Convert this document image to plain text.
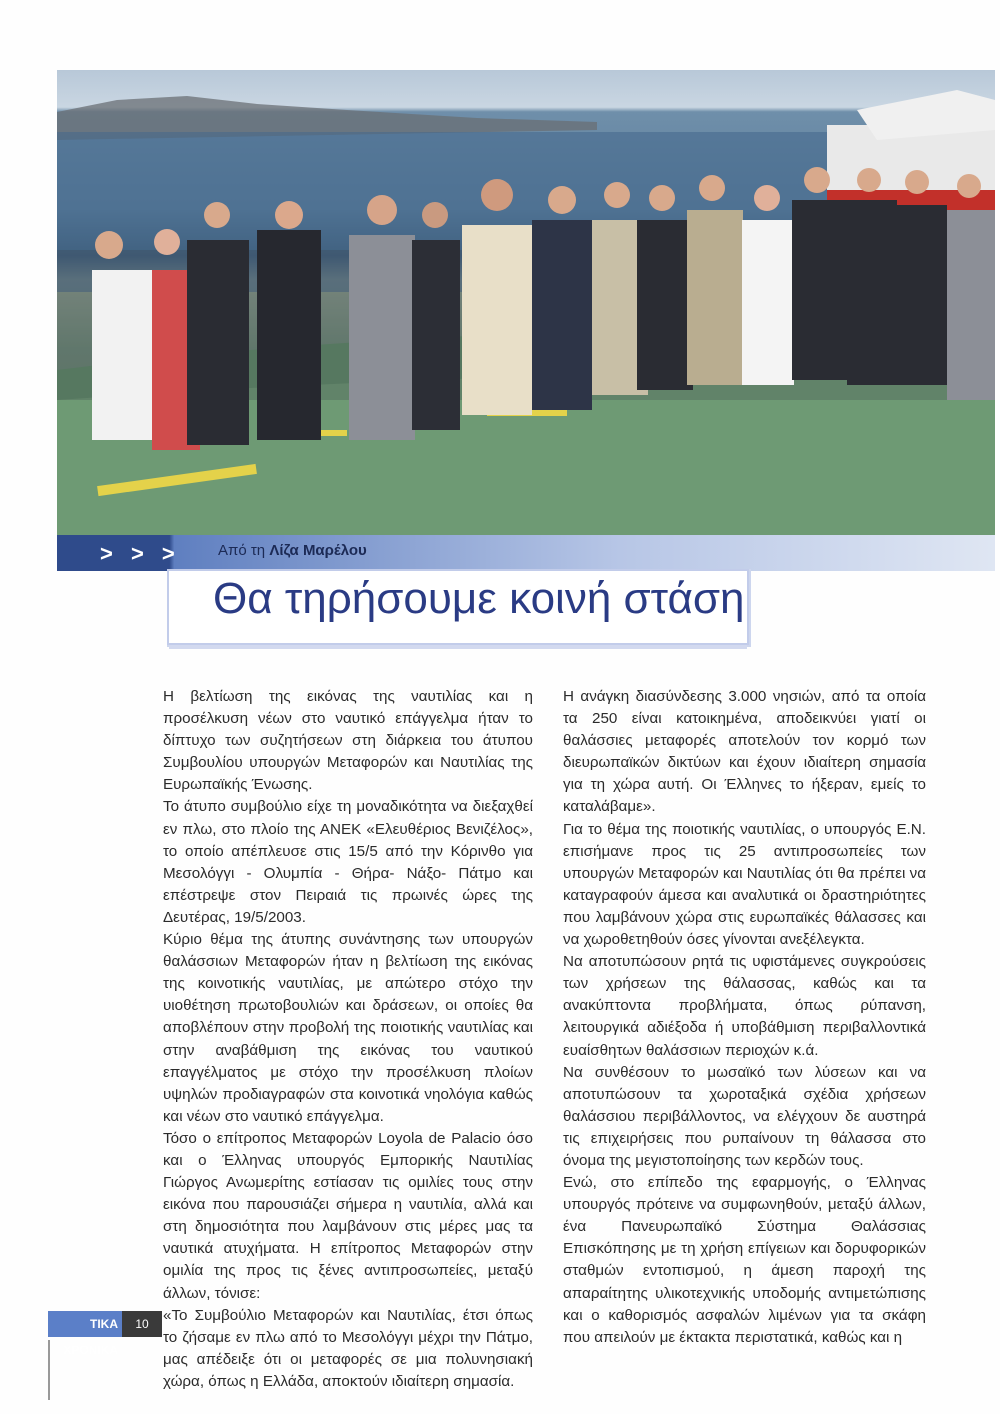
> > > Από τη Λίζα Μαρέλου
Θα τηρήσουμε κοινή στάση

Η βελτίωση της εικόνας της ναυτιλίας και η προσέλκυση νέων στο ναυτικό επάγγελμα ήταν το δίπτυχο των συζητήσεων στη διάρκεια του άτυπου Συμβουλίου υπουργών Μεταφορών και Ναυτιλίας της Ευρωπαϊκής Ένωσης.

Το άτυπο συμβούλιο είχε τη μοναδικότητα να διεξαχθεί εν πλω, στο πλοίο της ΑΝΕΚ «Ελευθέριος Βενιζέλος», το οποίο απέπλευσε στις 15/5 από την Κόρινθο για Μεσολόγγι - Ολυμπία - Θήρα- Νάξο- Πάτμο και επέστρεψε στον Πειραιά τις πρωινές ώρες της Δευτέρας, 19/5/2003.

Κύριο θέμα της άτυπης συνάντησης των υπουργών θαλάσσιων Μεταφορών ήταν η βελτίωση της εικόνας της κοινοτικής ναυτιλίας, με απώτερο στόχο την υιοθέτηση πρωτοβουλιών και δράσεων, οι οποίες θα αποβλέπουν στην προβολή της ποιοτικής ναυτιλίας και στην αναβάθμιση της εικόνας του ναυτικού επαγγέλματος με στόχο την προσέλκυση πλοίων υψηλών προδιαγραφών στα κοινοτικά νηολόγια καθώς και νέων στο ναυτικό επάγγελμα.

Τόσο ο επίτροπος Μεταφορών Loyola de Palacio όσο και ο Έλληνας υπουργός Εμπορικής Ναυτιλίας Γιώργος Ανωμερίτης εστίασαν τις ομιλίες τους στην εικόνα που παρουσιάζει σήμερα η ναυτιλία, αλλά και στη δημοσιότητα που λαμβάνουν στις μέρες μας τα ναυτικά ατυχήματα. Η επίτροπος Μεταφορών στην ομιλία της προς τις ξένες αντιπροσωπείες, μεταξύ άλλων, τόνισε:

«Το Συμβούλιο Μεταφορών και Ναυτιλίας, έτσι όπως το ζήσαμε εν πλω από το Μεσολόγγι μέχρι την Πάτμο, μας απέδειξε ότι οι μεταφορές σε μια πολυνησιακή χώρα, όπως η Ελλάδα, αποκτούν ιδιαίτερη σημασία.

Η ανάγκη διασύνδεσης 3.000 νησιών, από τα οποία τα 250 είναι κατοικημένα, αποδεικνύει γιατί οι θαλάσσιες μεταφορές αποτελούν τον κορμό των διευρωπαϊκών δικτύων και έχουν ιδιαίτερη σημασία για τη χώρα αυτή. Οι Έλληνες το ήξεραν, εμείς το καταλάβαμε».

Για το θέμα της ποιοτικής ναυτιλίας, ο υπουργός Ε.Ν. επισήμανε προς τις 25 αντιπροσωπείες των υπουργών Μεταφορών και Ναυτιλίας ότι θα πρέπει να καταγραφούν άμεσα και αναλυτικά οι δραστηριότητες που λαμβάνουν χώρα στις ευρωπαϊκές θάλασσες και να χωροθετηθούν όσες γίνονται ανεξέλεγκτα.

Να αποτυπώσουν ρητά τις υφιστάμενες συγκρούσεις των χρήσεων της θάλασσας, καθώς και τα ανακύπτοντα προβλήματα, όπως ρύπανση, λειτουργικά αδιέξοδα ή υποβάθμιση περιβαλλοντικά ευαίσθητων θαλάσσιων περιοχών κ.ά.

Να συνθέσουν το μωσαϊκό των λύσεων και να αποτυπώσουν τα χωροταξικά σχέδια χρήσεων θαλάσσιου περιβάλλοντος, να ελέγχουν δε αυστηρά τις επιχειρήσεις που ρυπαίνουν τη θάλασσα στο όνομα της μεγιστοποίησης των κερδών τους.

Ενώ, στο επίπεδο της εφαρμογής, ο Έλληνας υπουργός πρότεινε να συμφωνηθούν, μεταξύ άλλων, ένα Πανευρωπαϊκό Σύστημα Θαλάσσιας Επισκόπησης με τη χρήση επίγειων και δορυφορικών σταθμών εντοπισμού, η άμεση παροχή της απαραίτητης υλικοτεχνικής υποδομής αντιμετώπισης και ο καθορισμός ασφαλών λιμένων για τα σκάφη που απειλούν με έκτακτα περιστατικά, καθώς και η

ΤΙΚΑ ΧΡΟΝΙΚΑ
10
